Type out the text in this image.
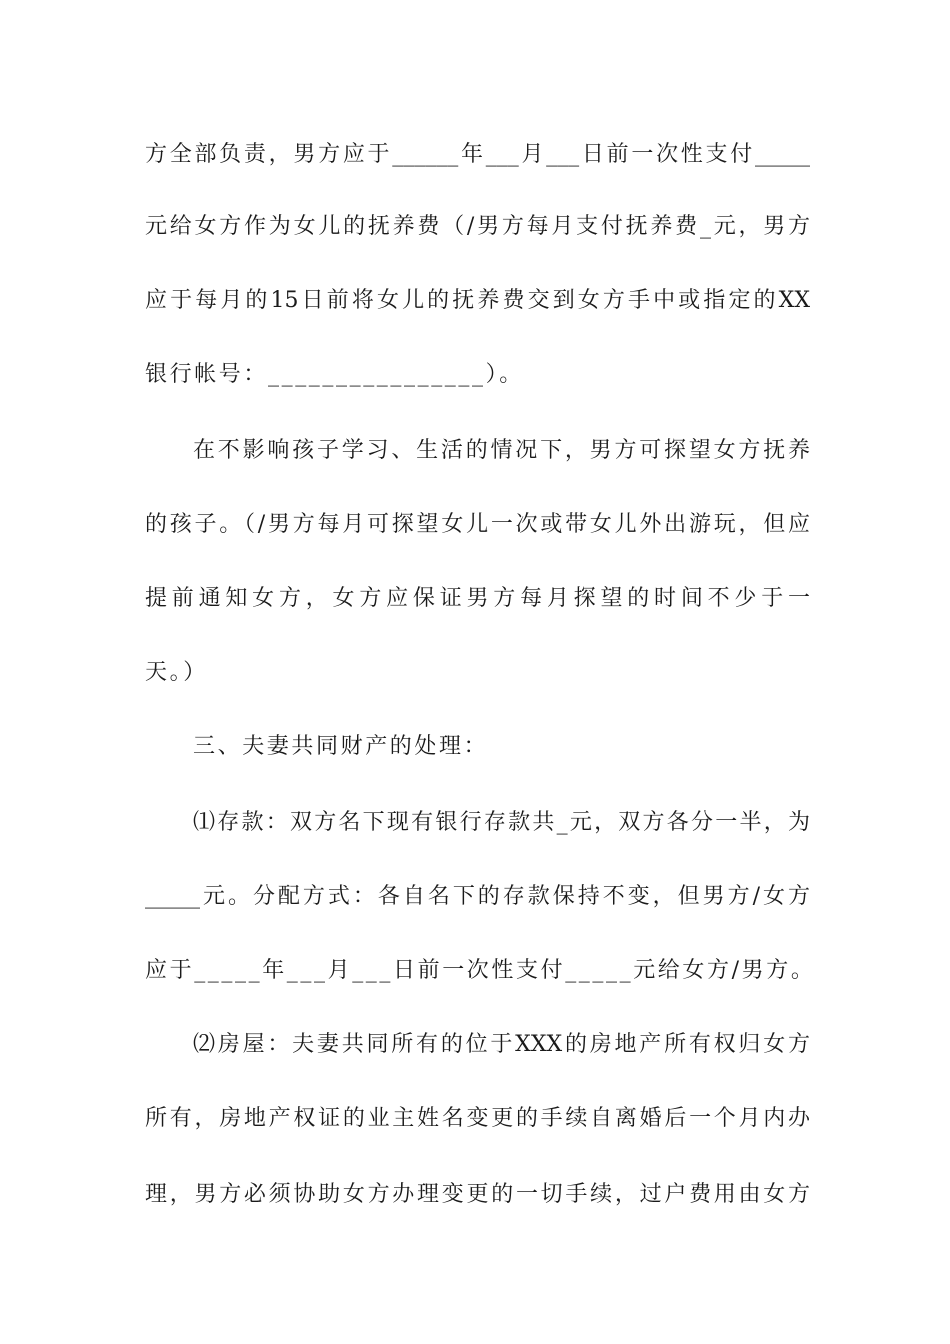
方全部负责，男方应于______年___月___日前一次性支付_____
元给女方作为女儿的抚养费（/男方每月支付抚养费_元，男方
应于每月的15日前将女儿的抚养费交到女方手中或指定的XX
银行帐号：________________）。
在不影响孩子学习、生活的情况下，男方可探望女方抚养
的孩子。（/男方每月可探望女儿一次或带女儿外出游玩，但应
提前通知女方，女方应保证男方每月探望的时间不少于一
天。）
三、夫妻共同财产的处理：
⑴存款：双方名下现有银行存款共_元，双方各分一半，为
_____元。分配方式：各自名下的存款保持不变，但男方/女方
应于_____年___月___日前一次性支付_____元给女方/男方。
⑵房屋：夫妻共同所有的位于XXX的房地产所有权归女方
所有，房地产权证的业主姓名变更的手续自离婚后一个月内办
理，男方必须协助女方办理变更的一切手续，过户费用由女方
